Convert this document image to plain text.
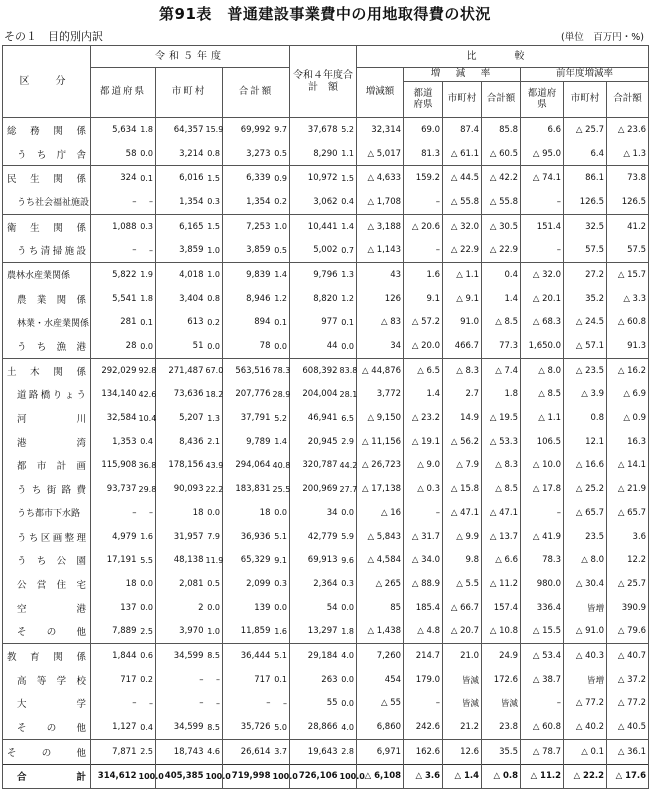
第91表　普通建設事業費中の用地取得費の状況
その１　目的別内訳	(単位　百万円・%)
区　分	令和５年度						令和４年度合　計　額		比　較						
	都道府県		市町村		合計額				増減額	増　減　率			前年度増減率		
										都道府県	市町村	合計額	都道府県	市町村	合計額
総務関係	5,634	1.8	64,357	15.9	69,992	9.7	37,678	5.2	32,314	69.0	87.4	85.8	6.6	△ 25.7	△ 23.6
うち庁舎	58	0.0	3,214	0.8	3,273	0.5	8,290	1.1	△ 5,017	81.3	△ 61.1	△ 60.5	△ 95.0	6.4	△ 1.3
民生関係	324	0.1	6,016	1.5	6,339	0.9	10,972	1.5	△ 4,633	159.2	△ 44.5	△ 42.2	△ 74.1	86.1	73.8
うち社会福祉施設	–	–	1,354	0.3	1,354	0.2	3,062	0.4	△ 1,708	–	△ 55.8	△ 55.8	–	126.5	126.5
衛生関係	1,088	0.3	6,165	1.5	7,253	1.0	10,441	1.4	△ 3,188	△ 20.6	△ 32.0	△ 30.5	151.4	32.5	41.2
うち清掃施設	–	–	3,859	1.0	3,859	0.5	5,002	0.7	△ 1,143	–	△ 22.9	△ 22.9	–	57.5	57.5
農林水産業関係	5,822	1.9	4,018	1.0	9,839	1.4	9,796	1.3	43	1.6	△ 1.1	0.4	△ 32.0	27.2	△ 15.7
農業関係	5,541	1.8	3,404	0.8	8,946	1.2	8,820	1.2	126	9.1	△ 9.1	1.4	△ 20.1	35.2	△ 3.3
林業・水産業関係	281	0.1	613	0.2	894	0.1	977	0.1	△ 83	△ 57.2	91.0	△ 8.5	△ 68.3	△ 24.5	△ 60.8
うち漁港	28	0.0	51	0.0	78	0.0	44	0.0	34	△ 20.0	466.7	77.3	1,650.0	△ 57.1	91.3
土木関係	292,029	92.8	271,487	67.0	563,516	78.3	608,392	83.8	△ 44,876	△ 6.5	△ 8.3	△ 7.4	△ 8.0	△ 23.5	△ 16.2
道路橋りょう	134,140	42.6	73,636	18.2	207,776	28.9	204,004	28.1	3,772	1.4	2.7	1.8	△ 8.5	△ 3.9	△ 6.9
河川	32,584	10.4	5,207	1.3	37,791	5.2	46,941	6.5	△ 9,150	△ 23.2	14.9	△ 19.5	△ 1.1	0.8	△ 0.9
港湾	1,353	0.4	8,436	2.1	9,789	1.4	20,945	2.9	△ 11,156	△ 19.1	△ 56.2	△ 53.3	106.5	12.1	16.3
都市計画	115,908	36.8	178,156	43.9	294,064	40.8	320,787	44.2	△ 26,723	△ 9.0	△ 7.9	△ 8.3	△ 10.0	△ 16.6	△ 14.1
うち街路費	93,737	29.8	90,093	22.2	183,831	25.5	200,969	27.7	△ 17,138	△ 0.3	△ 15.8	△ 8.5	△ 17.8	△ 25.2	△ 21.9
うち都市下水路	–	–	18	0.0	18	0.0	34	0.0	△ 16	–	△ 47.1	△ 47.1	–	△ 65.7	△ 65.7
うち区画整理	4,979	1.6	31,957	7.9	36,936	5.1	42,779	5.9	△ 5,843	△ 31.7	△ 9.9	△ 13.7	△ 41.9	23.5	3.6
うち公園	17,191	5.5	48,138	11.9	65,329	9.1	69,913	9.6	△ 4,584	△ 34.0	9.8	△ 6.6	78.3	△ 8.0	12.2
公営住宅	18	0.0	2,081	0.5	2,099	0.3	2,364	0.3	△ 265	△ 88.9	△ 5.5	△ 11.2	980.0	△ 30.4	△ 25.7
空港	137	0.0	2	0.0	139	0.0	54	0.0	85	185.4	△ 66.7	157.4	336.4	皆増	390.9
その他	7,889	2.5	3,970	1.0	11,859	1.6	13,297	1.8	△ 1,438	△ 4.8	△ 20.7	△ 10.8	△ 15.5	△ 91.0	△ 79.6
教育関係	1,844	0.6	34,599	8.5	36,444	5.1	29,184	4.0	7,260	214.7	21.0	24.9	△ 53.4	△ 40.3	△ 40.7
高等学校	717	0.2	–	–	717	0.1	263	0.0	454	179.0	皆減	172.6	△ 38.7	皆増	△ 37.2
大学	–	–	–	–	–	–	55	0.0	△ 55	–	皆減	皆減	–	△ 77.2	△ 77.2
その他	1,127	0.4	34,599	8.5	35,726	5.0	28,866	4.0	6,860	242.6	21.2	23.8	△ 60.8	△ 40.2	△ 40.5
その他	7,871	2.5	18,743	4.6	26,614	3.7	19,643	2.8	6,971	162.6	12.6	35.5	△ 78.7	△ 0.1	△ 36.1
合計	314,612	100.0	405,385	100.0	719,998	100.0	726,106	100.0	△ 6,108	△ 3.6	△ 1.4	△ 0.8	△ 11.2	△ 22.2	△ 17.6
